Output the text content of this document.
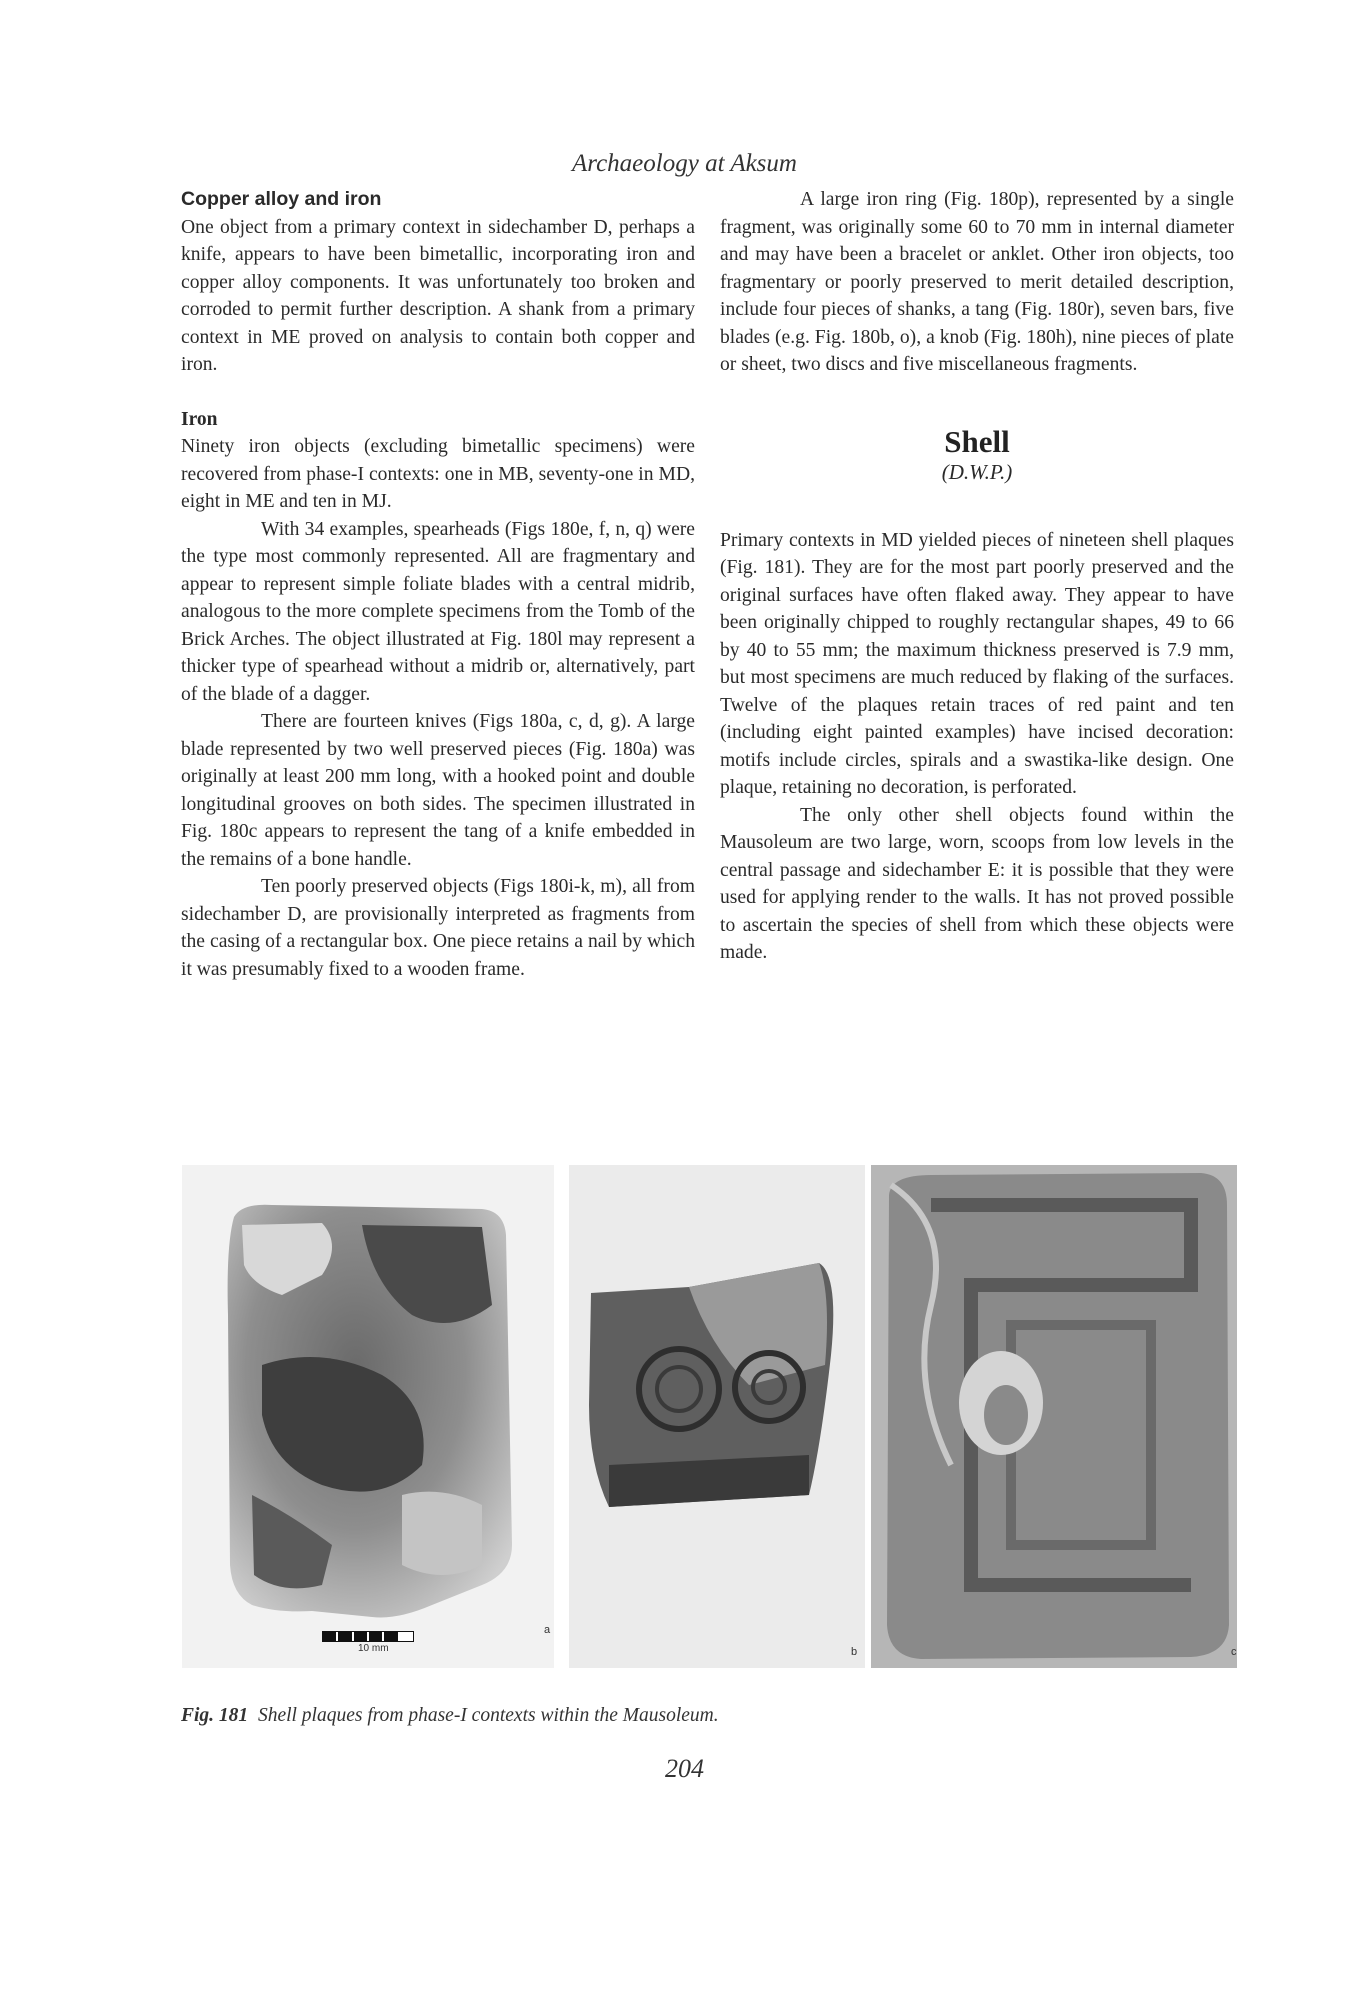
Archaeology at Aksum
Copper alloy and iron

One object from a primary context in sidechamber D, perhaps a knife, appears to have been bimetallic, incorporating iron and copper alloy components. It was unfortunately too broken and corroded to permit further description. A shank from a primary context in ME proved on analysis to contain both copper and iron.

Iron

Ninety iron objects (excluding bimetallic specimens) were recovered from phase-I contexts: one in MB, seventy-one in MD, eight in ME and ten in MJ.

With 34 examples, spearheads (Figs 180e, f, n, q) were the type most commonly represented. All are fragmentary and appear to represent simple foliate blades with a central midrib, analogous to the more complete specimens from the Tomb of the Brick Arches. The object illustrated at Fig. 180l may represent a thicker type of spearhead without a midrib or, alternatively, part of the blade of a dagger.

There are fourteen knives (Figs 180a, c, d, g). A large blade represented by two well preserved pieces (Fig. 180a) was originally at least 200 mm long, with a hooked point and double longitudinal grooves on both sides. The specimen illustrated in Fig. 180c appears to represent the tang of a knife embedded in the remains of a bone handle.

Ten poorly preserved objects (Figs 180i-k, m), all from sidechamber D, are provisionally interpreted as fragments from the casing of a rectangular box. One piece retains a nail by which it was presumably fixed to a wooden frame.

A large iron ring (Fig. 180p), represented by a single fragment, was originally some 60 to 70 mm in internal diameter and may have been a bracelet or anklet. Other iron objects, too fragmentary or poorly preserved to merit detailed description, include four pieces of shanks, a tang (Fig. 180r), seven bars, five blades (e.g. Fig. 180b, o), a knob (Fig. 180h), nine pieces of plate or sheet, two discs and five miscellaneous fragments.

Shell
(D.W.P.)

Primary contexts in MD yielded pieces of nineteen shell plaques (Fig. 181). They are for the most part poorly preserved and the original surfaces have often flaked away. They appear to have been originally chipped to roughly rectangular shapes, 49 to 66 by 40 to 55 mm; the maximum thickness preserved is 7.9 mm, but most specimens are much reduced by flaking of the surfaces. Twelve of the plaques retain traces of red paint and ten (including eight painted examples) have incised decoration: motifs include circles, spirals and a swastika-like design. One plaque, retaining no decoration, is perforated.

The only other shell objects found within the Mausoleum are two large, worn, scoops from low levels in the central passage and sidechamber E: it is possible that they were used for applying render to the walls. It has not proved possible to ascertain the species of shell from which these objects were made.

10 mm
a
b	c
Fig. 181 Shell plaques from phase-I contexts within the Mausoleum.
204
